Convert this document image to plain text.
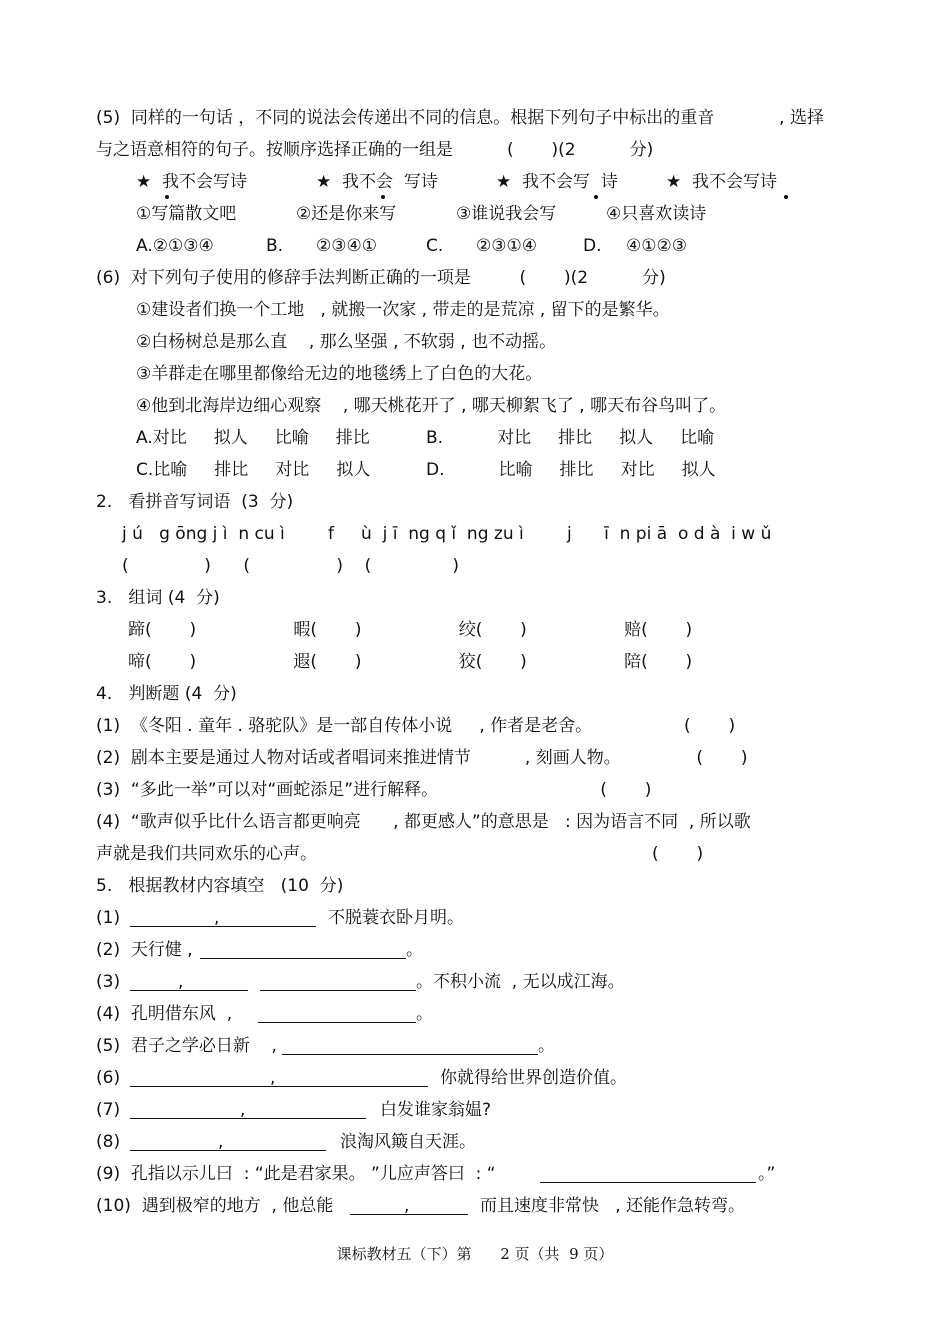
(5)  同样的一句话 ，不同的说法会传递出不同的信息。根据下列句子中标出的重音            , 选择
与之语意相符的句子。按顺序选择正确的一组是          (       )(2          分)
★  我不会写诗	★  我不会  写诗	★  我不会写  诗	★  我不会写诗
①写篇散文吧	②还是你来写	③谁说我会写	④只喜欢读诗
A.②①③④	B. ②③④①	C. ②③①④	D. ④①②③
(6)  对下列句子使用的修辞手法判断正确的一项是         (       )(2          分)
①建设者们换一个工地   , 就搬一次家 , 带走的是荒凉 , 留下的是繁华。
②白杨树总是那么直    , 那么坚强 , 不软弱 , 也不动摇。
③羊群走在哪里都像给无边的地毯绣上了白色的大花。
④他到北海岸边细心观察    , 哪天桃花开了 , 哪天柳絮飞了 , 哪天布谷鸟叫了。
A.对比     拟人     比喻     排比	B.          对比     排比     拟人     比喻
C.比喻     排比     对比     拟人	D.          比喻     排比     对比     拟人
2.   看拼音写词语  (3  分)
j ú   g ōng j ì  n cu ì        f     ù  j ī  ng q ǐ  ng zu ì        j      ī  n pi ā  o d à  i w ǔ
(              )      (                )    (               )
3.   组词 (4  分)
蹄(       )                  暇(       )                  绞(       )                  赔(       )
啼(       )                  遐(       )                  狡(       )                  陪(       )
4.   判断题 (4  分)
(1)  《冬阳 . 童年 . 骆驼队》是一部自传体小说     , 作者是老舍。                 (       )
(2)  剧本主要是通过人物对话或者唱词来推进情节          , 刻画人物。              (       )
(3)  “多此一举”可以对“画蛇添足”进行解释。                              (       )
(4)  “歌声似乎比什么语言都更响亮      , 都更感人”的意思是   : 因为语言不同  , 所以歌
声就是我们共同欢乐的心声。                                                              (       )
5.   根据教材内容填空   (10  分)
(1)	,	不脱蓑衣卧月明。
(2)  天行健 ,	。
(3)	,	。不积小流  , 无以成江海。
(4)  孔明借东风  ,	。
(5)  君子之学必日新    ,	。
(6)	,	你就得给世界创造价值。
(7)	,	白发谁家翁媪?
(8)	,	浪淘风簸自天涯。
(9)  孔指以示儿曰  : “此是君家果。 ”儿应声答曰  : “	。”
(10)  遇到极窄的地方  , 他总能	,	而且速度非常快   , 还能作急转弯。
课标教材五（下）第      2 页（共  9 页）
